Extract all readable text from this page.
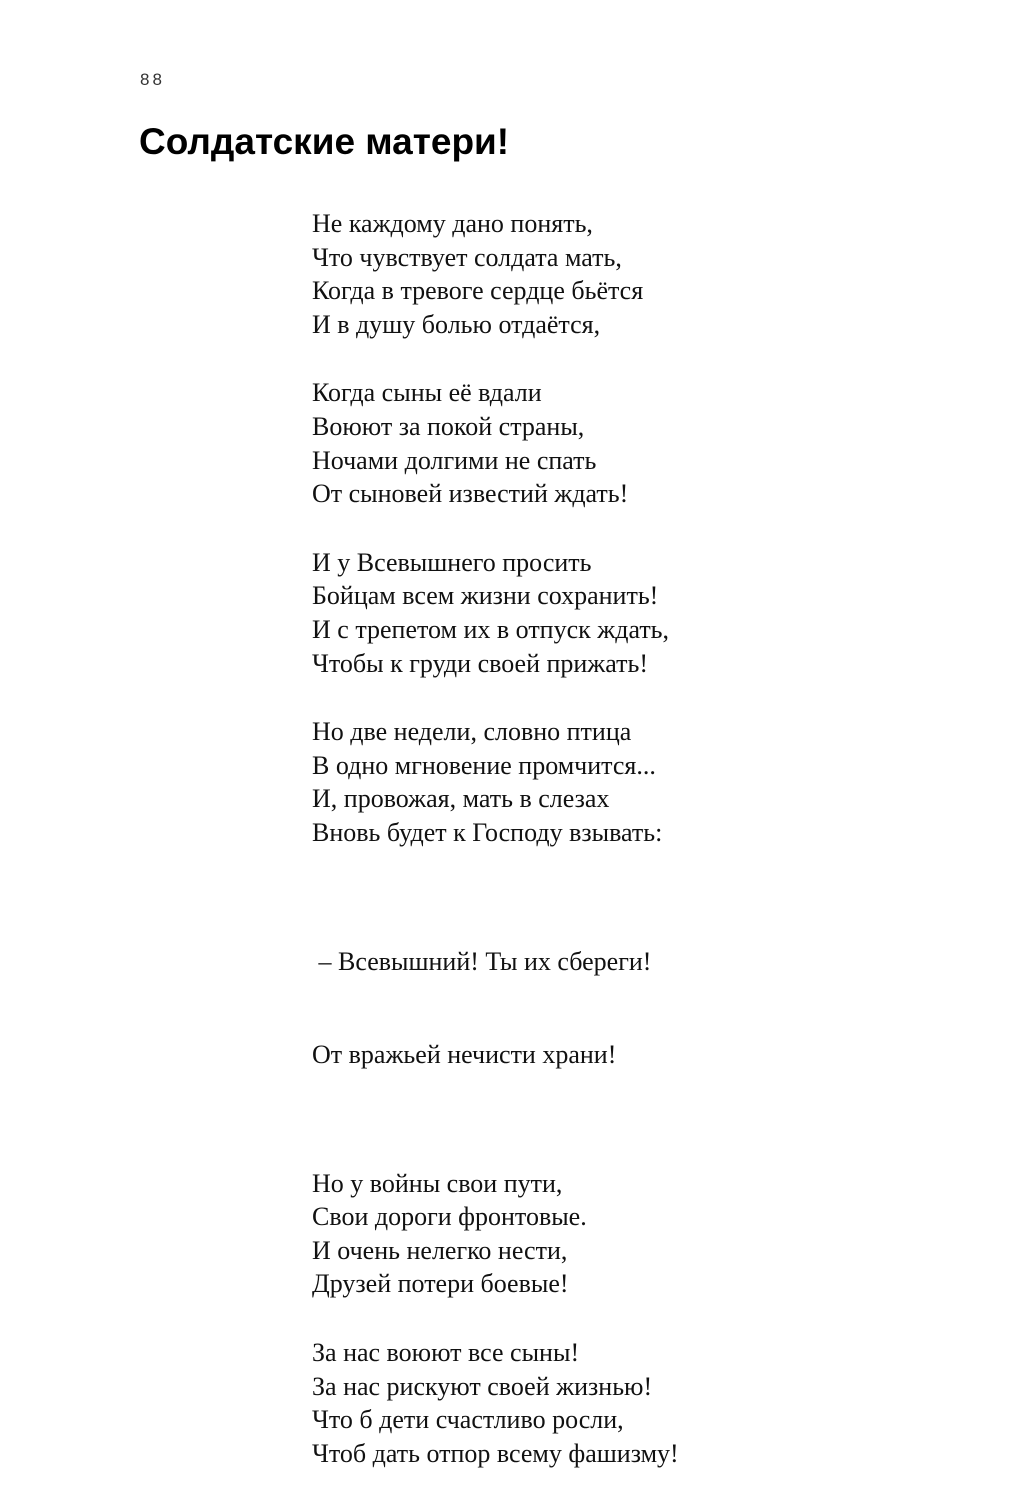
88
Солдатские матери!
Не каждому дано понять,
Что чувствует солдата мать,
Когда в тревоге сердце бьётся
И в душу болью отдаётся,
Когда сыны её вдали
Воюют за покой страны,
Ночами долгими не спать
От сыновей известий ждать!
И у Всевышнего просить
Бойцам всем жизни сохранить!
И с трепетом их в отпуск ждать,
Чтобы к груди своей прижать!
Но две недели, словно птица
В одно мгновение промчится...
И, провожая, мать в слезах
Вновь будет к Господу взывать:

– Всевышний! Ты их сбереги!

От вражьей нечисти храни!

Но у войны свои пути,
Свои дороги фронтовые.
И очень нелегко нести,
Друзей потери боевые!
За нас воюют все сыны!
За нас рискуют своей жизнью!
Что б дети счастливо росли,
Чтоб дать отпор всему фашизму!
